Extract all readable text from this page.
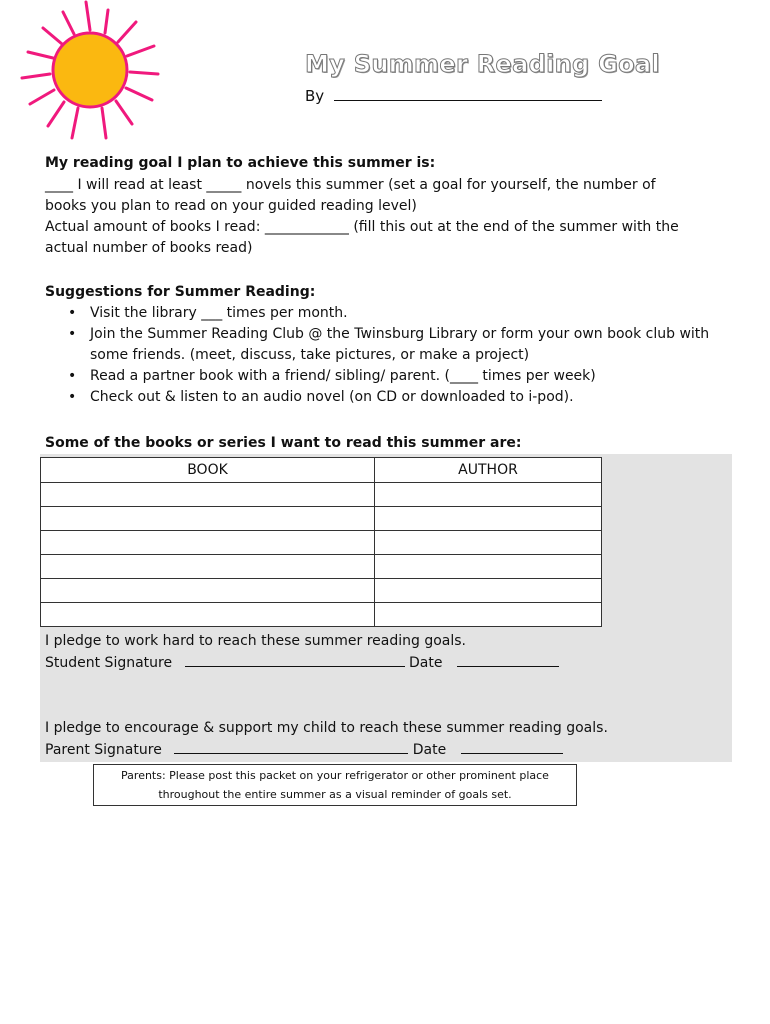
My Summer Reading Goal
By
My reading goal I plan to achieve this summer is:
____ I will read at least _____ novels this summer (set a goal for yourself, the number of
books you plan to read on your guided reading level)
Actual amount of books I read: ____________ (fill this out at the end of the summer with the
actual number of books read)
Suggestions for Summer Reading:
• Visit the library ___ times per month.
• Join the Summer Reading Club @ the Twinsburg Library or form your own book club with
some friends. (meet, discuss, take pictures, or make a project)
• Read a partner book with a friend/ sibling/ parent. (____ times per week)
• Check out & listen to an audio novel (on CD or downloaded to i-pod).
Some of the books or series I want to read this summer are:
BOOK	AUTHOR

I pledge to work hard to reach these summer reading goals.
Student Signature	Date
I pledge to encourage & support my child to reach these summer reading goals.
Parent Signature	Date
Parents: Please post this packet on your refrigerator or other prominent place
throughout the entire summer as a visual reminder of goals set.
